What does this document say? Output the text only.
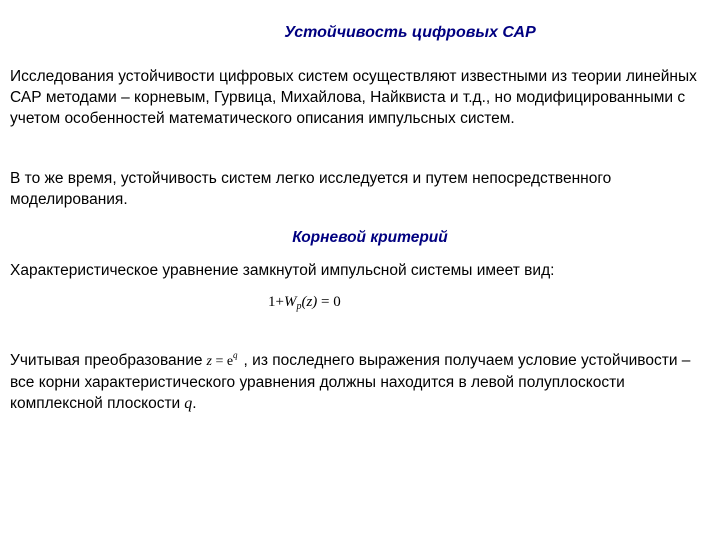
Устойчивость цифровых САР

Исследования устойчивости цифровых систем осуществляют известными из теории линейных САР методами – корневым, Гурвица, Михайлова, Найквиста и т.д., но модифицированными с учетом особенностей математического описания импульсных систем.

В то же время, устойчивость систем легко исследуется и путем непосредственного моделирования.

Корневой критерий

Характеристическое уравнение замкнутой импульсной системы имеет вид:

$1+W_p(z) = 0$

Учитывая преобразование $z = e^q$ , из последнего выражения получаем условие устойчивости – все корни характеристического уравнения должны находится в левой полуплоскости комплексной плоскости q.
